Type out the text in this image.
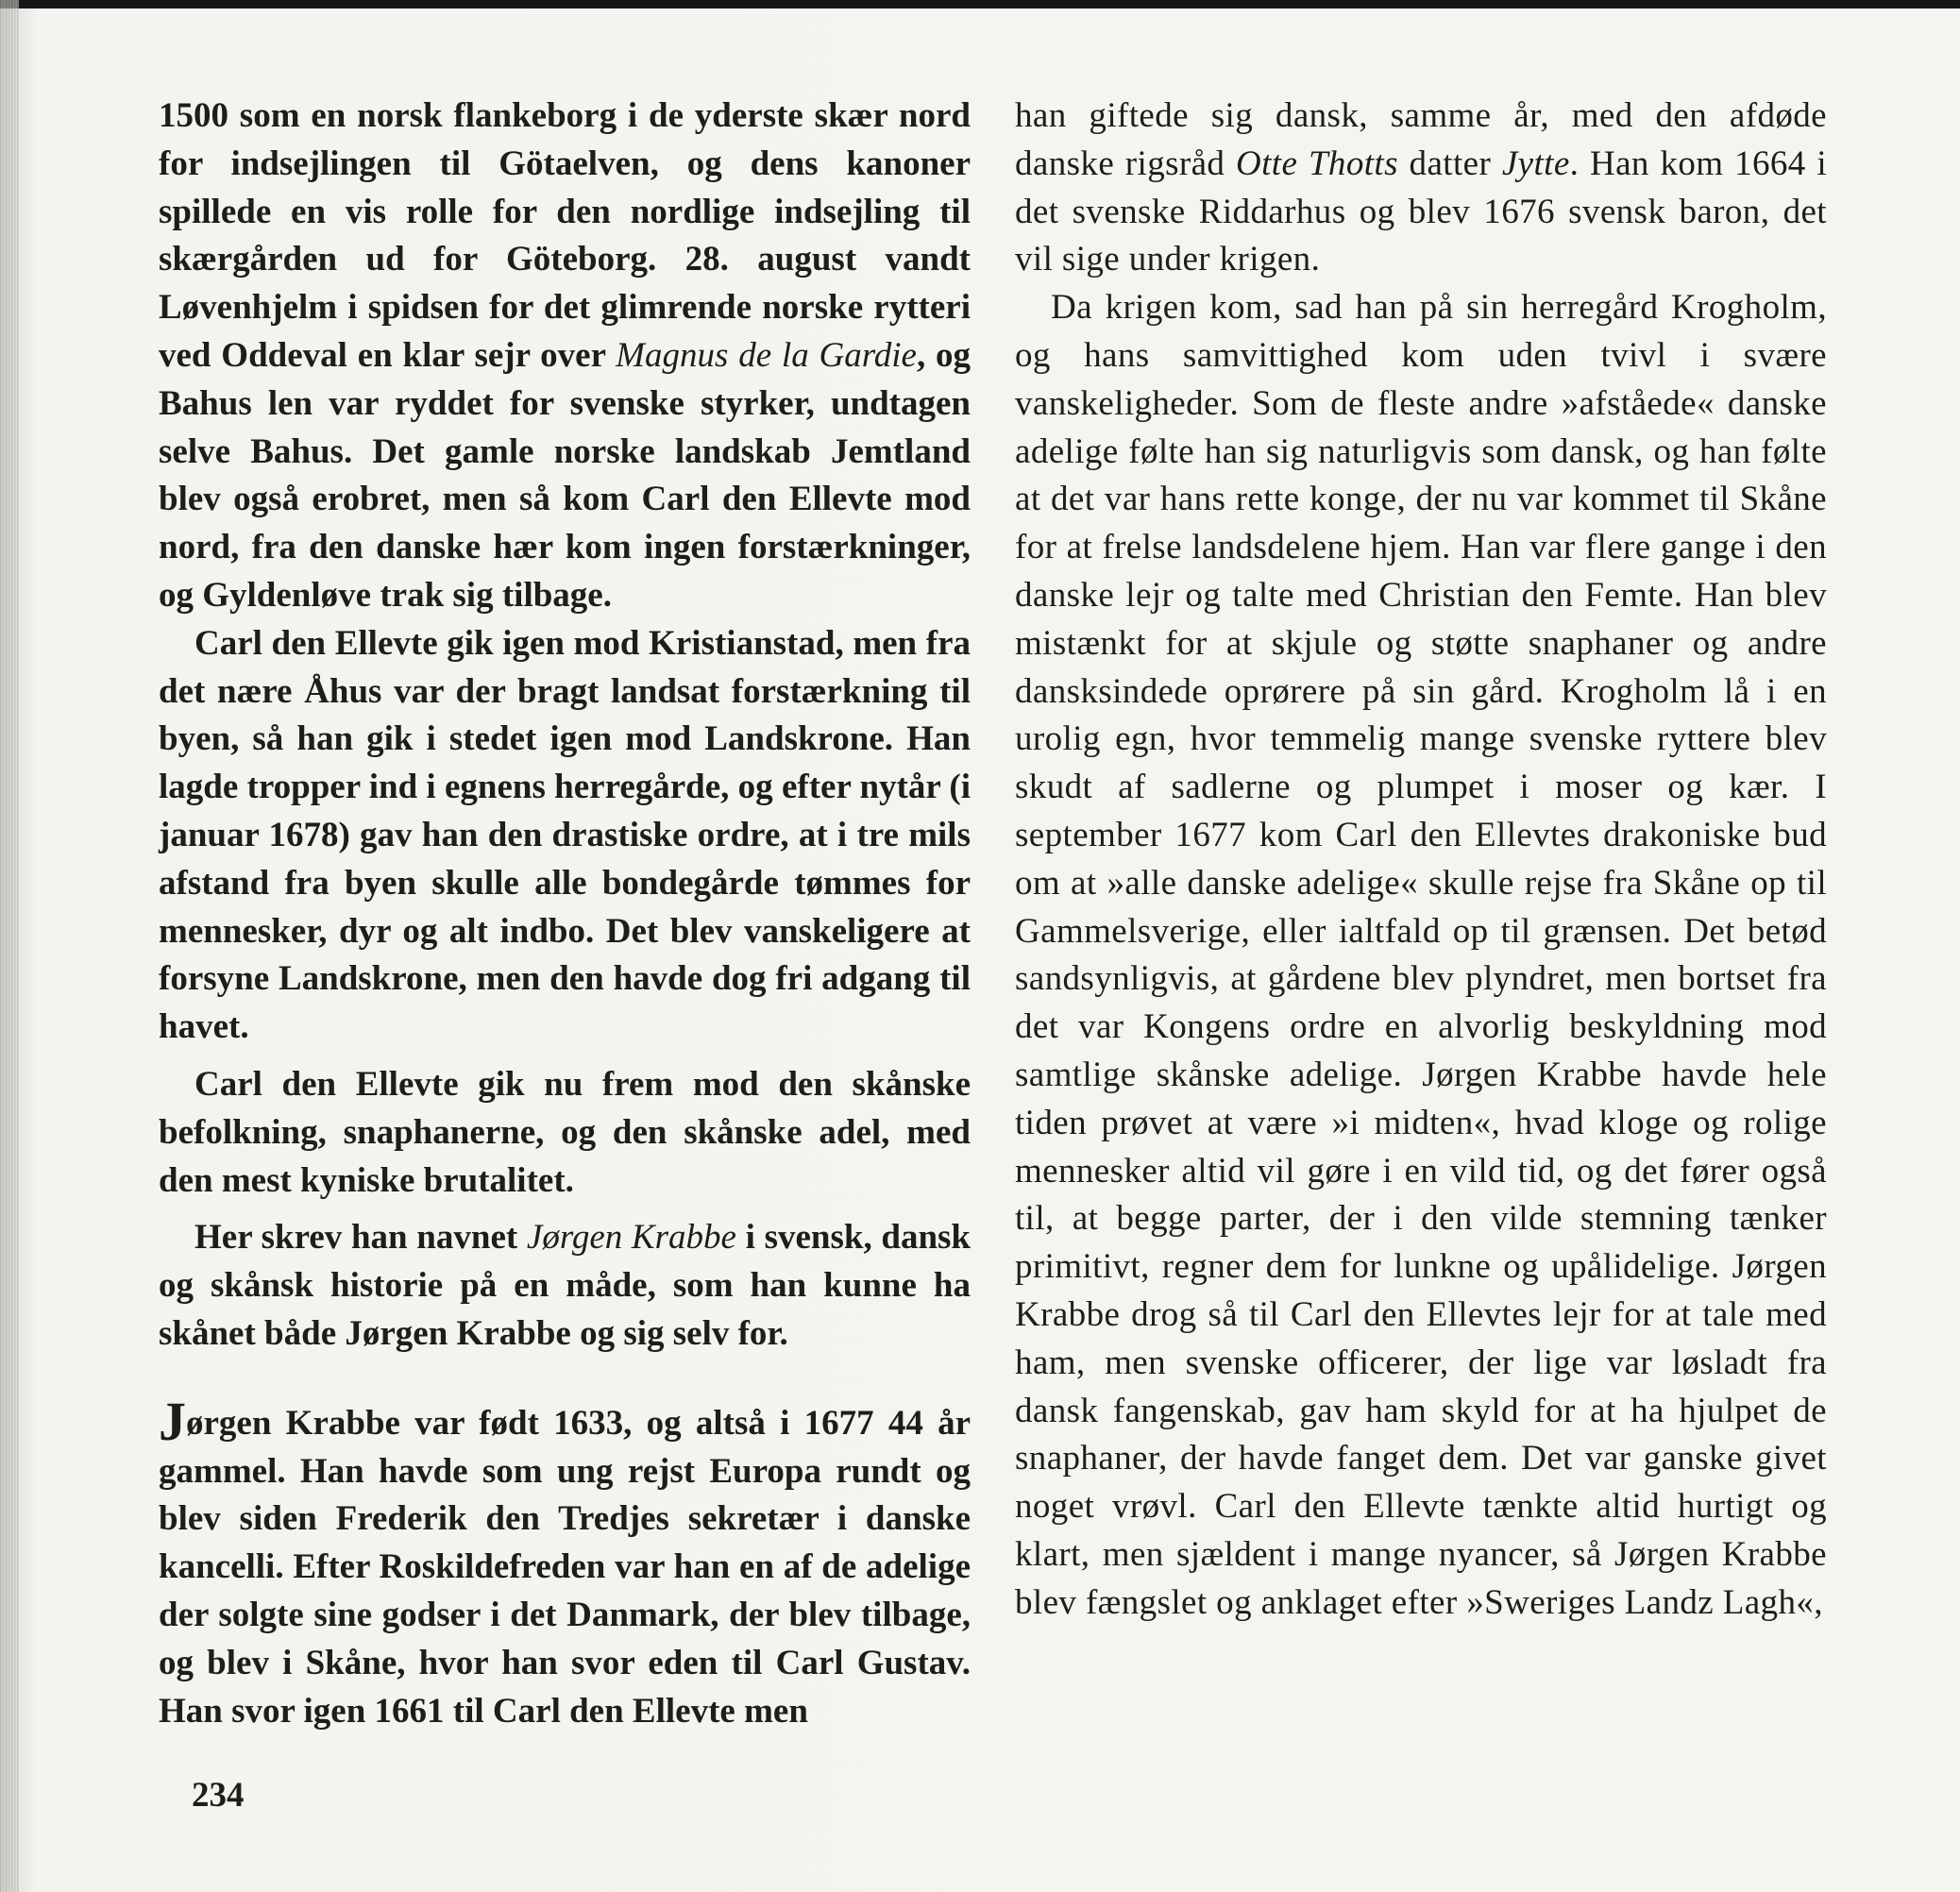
1500 som en norsk flankeborg i de yderste skær nord for indsejlingen til Götaelven, og dens kanoner spillede en vis rolle for den nordlige indsejling til skærgården ud for Göteborg. 28. august vandt Løvenhjelm i spidsen for det glimrende norske rytteri ved Oddeval en klar sejr over Magnus de la Gardie, og Bahus len var ryddet for svenske styrker, undtagen selve Bahus. Det gamle norske landskab Jemtland blev også erobret, men så kom Carl den Ellevte mod nord, fra den danske hær kom ingen forstærkninger, og Gyldenløve trak sig tilbage.

Carl den Ellevte gik igen mod Kristianstad, men fra det nære Åhus var der bragt landsat forstærkning til byen, så han gik i stedet igen mod Landskrone. Han lagde tropper ind i egnens herregårde, og efter nytår (i januar 1678) gav han den drastiske ordre, at i tre mils afstand fra byen skulle alle bondegårde tømmes for mennesker, dyr og alt indbo. Det blev vanskeligere at forsyne Landskrone, men den havde dog fri adgang til havet.

Carl den Ellevte gik nu frem mod den skånske befolkning, snaphanerne, og den skånske adel, med den mest kyniske brutalitet.

Her skrev han navnet Jørgen Krabbe i svensk, dansk og skånsk historie på en måde, som han kunne ha skånet både Jørgen Krabbe og sig selv for.

Jørgen Krabbe var født 1633, og altså i 1677 44 år gammel. Han havde som ung rejst Europa rundt og blev siden Frederik den Tredjes sekretær i danske kancelli. Efter Roskildefreden var han en af de adelige der solgte sine godser i det Danmark, der blev tilbage, og blev i Skåne, hvor han svor eden til Carl Gustav. Han svor igen 1661 til Carl den Ellevte men

han giftede sig dansk, samme år, med den afdøde danske rigsråd Otte Thotts datter Jytte. Han kom 1664 i det svenske Riddarhus og blev 1676 svensk baron, det vil sige under krigen.

Da krigen kom, sad han på sin herregård Krogholm, og hans samvittighed kom uden tvivl i svære vanskeligheder. Som de fleste andre »afståede« danske adelige følte han sig naturligvis som dansk, og han følte at det var hans rette konge, der nu var kommet til Skåne for at frelse landsdelene hjem. Han var flere gange i den danske lejr og talte med Christian den Femte. Han blev mistænkt for at skjule og støtte snaphaner og andre dansksindede oprørere på sin gård. Krogholm lå i en urolig egn, hvor temmelig mange svenske ryttere blev skudt af sadlerne og plumpet i moser og kær. I september 1677 kom Carl den Ellevtes drakoniske bud om at »alle danske adelige« skulle rejse fra Skåne op til Gammelsverige, eller ialtfald op til grænsen. Det betød sandsynligvis, at gårdene blev plyndret, men bortset fra det var Kongens ordre en alvorlig beskyldning mod samtlige skånske adelige. Jørgen Krabbe havde hele tiden prøvet at være »i midten«, hvad kloge og rolige mennesker altid vil gøre i en vild tid, og det fører også til, at begge parter, der i den vilde stemning tænker primitivt, regner dem for lunkne og upålidelige. Jørgen Krabbe drog så til Carl den Ellevtes lejr for at tale med ham, men svenske officerer, der lige var løsladt fra dansk fangenskab, gav ham skyld for at ha hjulpet de snaphaner, der havde fanget dem. Det var ganske givet noget vrøvl. Carl den Ellevte tænkte altid hurtigt og klart, men sjældent i mange nyancer, så Jørgen Krabbe blev fængslet og anklaget efter »Sweriges Landz Lagh«,

234
